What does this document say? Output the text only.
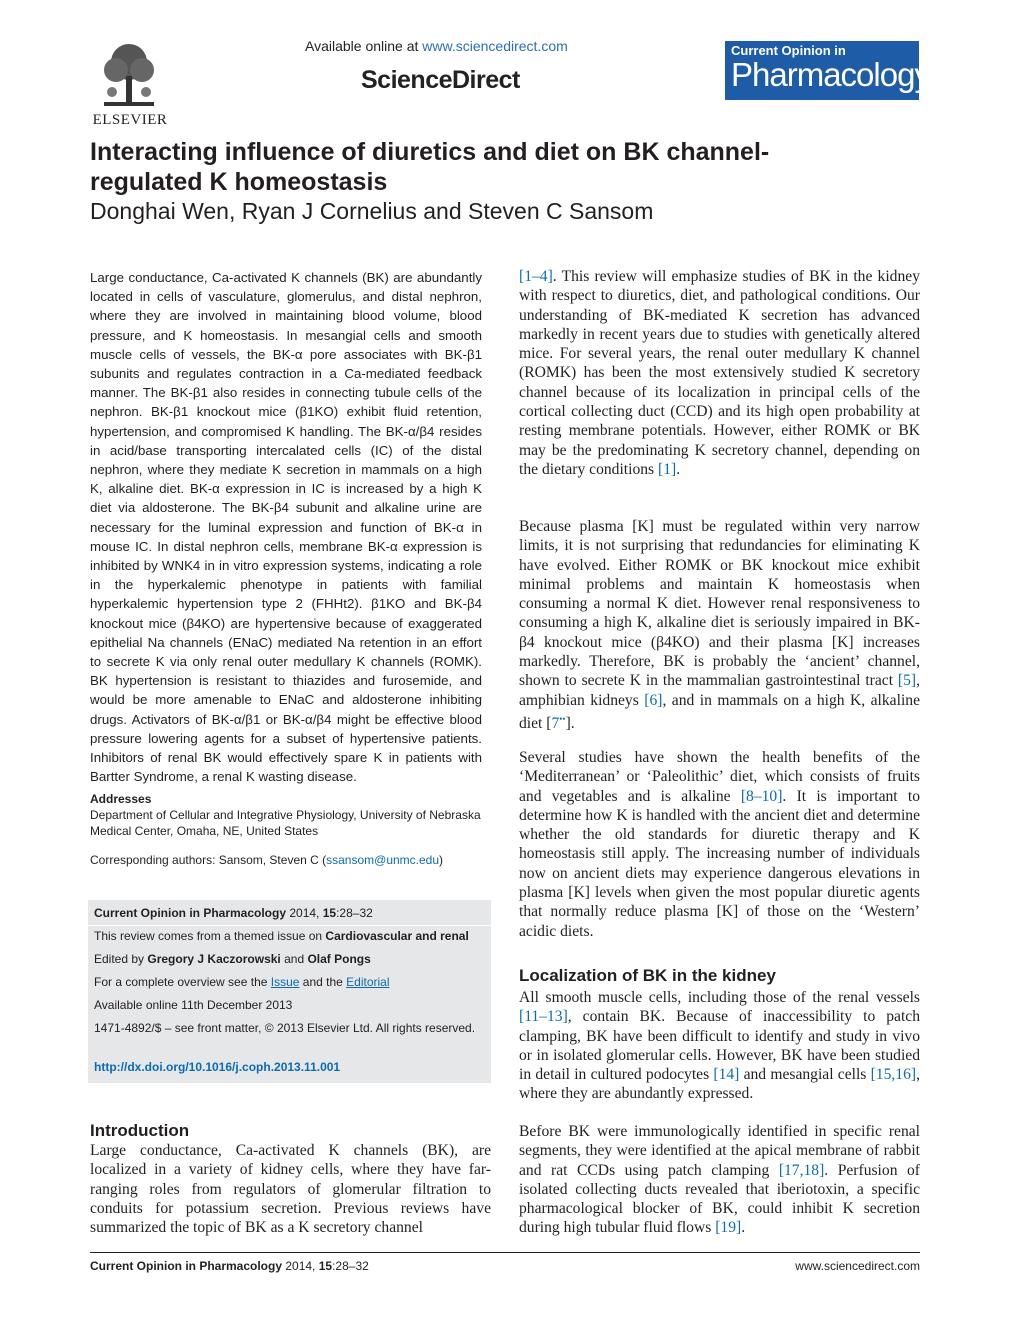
ELSEVIER
Available online at www.sciencedirect.com
ScienceDirect
Current Opinion in
Pharmacology
Interacting influence of diuretics and diet on BK channel-regulated K homeostasis
Donghai Wen, Ryan J Cornelius and Steven C Sansom

Large conductance, Ca-activated K channels (BK) are abundantly located in cells of vasculature, glomerulus, and distal nephron, where they are involved in maintaining blood volume, blood pressure, and K homeostasis. In mesangial cells and smooth muscle cells of vessels, the BK-α pore associates with BK-β1 subunits and regulates contraction in a Ca-mediated feedback manner. The BK-β1 also resides in connecting tubule cells of the nephron. BK-β1 knockout mice (β1KO) exhibit fluid retention, hypertension, and compromised K handling. The BK-α/β4 resides in acid/base transporting intercalated cells (IC) of the distal nephron, where they mediate K secretion in mammals on a high K, alkaline diet. BK-α expression in IC is increased by a high K diet via aldosterone. The BK-β4 subunit and alkaline urine are necessary for the luminal expression and function of BK-α in mouse IC. In distal nephron cells, membrane BK-α expression is inhibited by WNK4 in in vitro expression systems, indicating a role in the hyperkalemic phenotype in patients with familial hyperkalemic hypertension type 2 (FHHt2). β1KO and BK-β4 knockout mice (β4KO) are hypertensive because of exaggerated epithelial Na channels (ENaC) mediated Na retention in an effort to secrete K via only renal outer medullary K channels (ROMK). BK hypertension is resistant to thiazides and furosemide, and would be more amenable to ENaC and aldosterone inhibiting drugs. Activators of BK-α/β1 or BK-α/β4 might be effective blood pressure lowering agents for a subset of hypertensive patients. Inhibitors of renal BK would effectively spare K in patients with Bartter Syndrome, a renal K wasting disease.

Addresses
Department of Cellular and Integrative Physiology, University of Nebraska Medical Center, Omaha, NE, United States
Corresponding authors: Sansom, Steven C (ssansom@unmc.edu)
Current Opinion in Pharmacology 2014, 15:28–32
This review comes from a themed issue on Cardiovascular and renal
Edited by Gregory J Kaczorowski and Olaf Pongs
For a complete overview see the Issue and the Editorial
Available online 11th December 2013
1471-4892/$ – see front matter, © 2013 Elsevier Ltd. All rights reserved.
http://dx.doi.org/10.1016/j.coph.2013.11.001
Introduction
Large conductance, Ca-activated K channels (BK), are localized in a variety of kidney cells, where they have far-ranging roles from regulators of glomerular filtration to conduits for potassium secretion. Previous reviews have summarized the topic of BK as a K secretory channel
[1–4]. This review will emphasize studies of BK in the kidney with respect to diuretics, diet, and pathological conditions. Our understanding of BK-mediated K secretion has advanced markedly in recent years due to studies with genetically altered mice. For several years, the renal outer medullary K channel (ROMK) has been the most extensively studied K secretory channel because of its localization in principal cells of the cortical collecting duct (CCD) and its high open probability at resting membrane potentials. However, either ROMK or BK may be the predominating K secretory channel, depending on the dietary conditions [1].
Because plasma [K] must be regulated within very narrow limits, it is not surprising that redundancies for eliminating K have evolved. Either ROMK or BK knockout mice exhibit minimal problems and maintain K homeostasis when consuming a normal K diet. However renal responsiveness to consuming a high K, alkaline diet is seriously impaired in BK-β4 knockout mice (β4KO) and their plasma [K] increases markedly. Therefore, BK is probably the ‘ancient’ channel, shown to secrete K in the mammalian gastrointestinal tract [5], amphibian kidneys [6], and in mammals on a high K, alkaline diet [7••].
Several studies have shown the health benefits of the ‘Mediterranean’ or ‘Paleolithic’ diet, which consists of fruits and vegetables and is alkaline [8–10]. It is important to determine how K is handled with the ancient diet and determine whether the old standards for diuretic therapy and K homeostasis still apply. The increasing number of individuals now on ancient diets may experience dangerous elevations in plasma [K] levels when given the most popular diuretic agents that normally reduce plasma [K] of those on the ‘Western’ acidic diets.
Localization of BK in the kidney
All smooth muscle cells, including those of the renal vessels [11–13], contain BK. Because of inaccessibility to patch clamping, BK have been difficult to identify and study in vivo or in isolated glomerular cells. However, BK have been studied in detail in cultured podocytes [14] and mesangial cells [15,16], where they are abundantly expressed.
Before BK were immunologically identified in specific renal segments, they were identified at the apical membrane of rabbit and rat CCDs using patch clamping [17,18]. Perfusion of isolated collecting ducts revealed that iberiotoxin, a specific pharmacological blocker of BK, could inhibit K secretion during high tubular fluid flows [19].
Current Opinion in Pharmacology 2014, 15:28–32	www.sciencedirect.com
